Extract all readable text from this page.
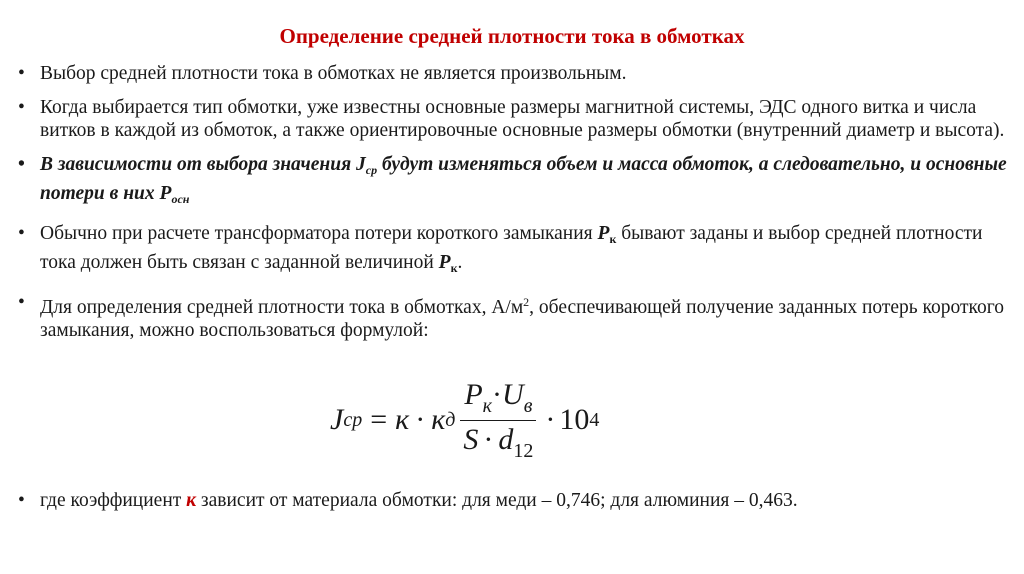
Определение средней плотности тока в обмотках
• Выбор средней плотности тока в обмотках не является произвольным.
• Когда выбирается тип обмотки, уже известны основные размеры магнитной системы, ЭДС одного витка и числа витков в каждой из обмоток, а также ориентировочные основные размеры обмотки (внутренний диаметр и высота).
• В зависимости от выбора значения $J_{ср}$ будут изменяться объем и масса обмоток, а следовательно, и основные потери в них $P_{осн}$
• Обычно при расчете трансформатора потери короткого замыкания $P_к$ бывают заданы и выбор средней плотности тока должен быть связан с заданной величиной $P_к$.
• Для определения средней плотности тока в обмотках, $А/м^2$, обеспечивающей получение заданных потерь короткого замыкания, можно воспользоваться формулой:
J ср = к · к д $\frac{P_к\cdot U_в}{S \cdot d_{12}} \cdot 10$ 4
• где коэффициент к зависит от материала обмотки: для меди – 0,746; для алюминия – 0,463.
